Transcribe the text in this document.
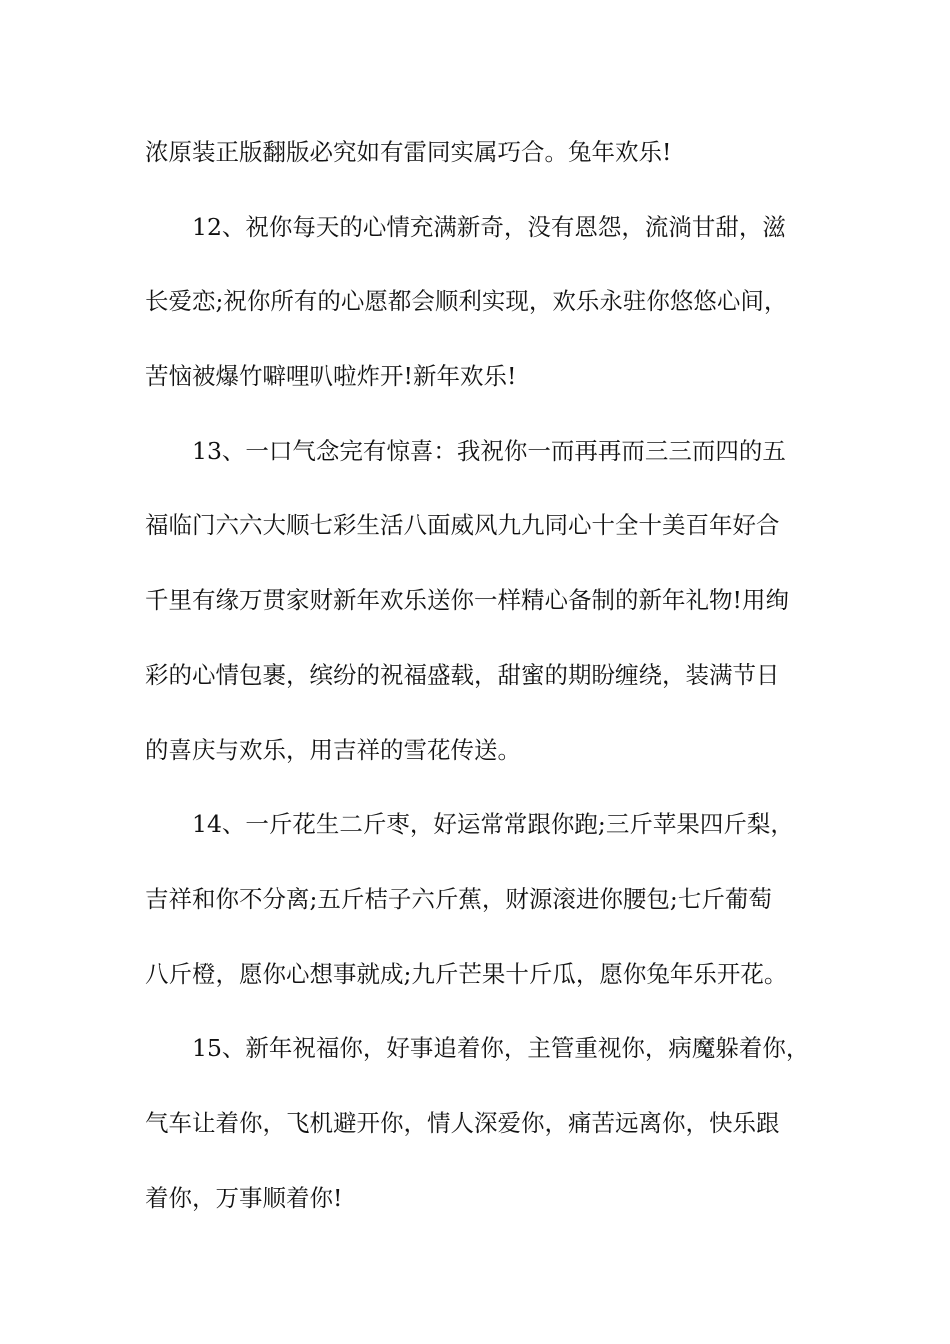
浓原装正版翻版必究如有雷同实属巧合。兔年欢乐!
12、祝你每天的心情充满新奇，没有恩怨，流淌甘甜，滋
长爱恋;祝你所有的心愿都会顺利实现，欢乐永驻你悠悠心间，
苦恼被爆竹噼哩叭啦炸开!新年欢乐!
13、一口气念完有惊喜：我祝你一而再再而三三而四的五
福临门六六大顺七彩生活八面威风九九同心十全十美百年好合
千里有缘万贯家财新年欢乐送你一样精心备制的新年礼物!用绚
彩的心情包裹，缤纷的祝福盛载，甜蜜的期盼缠绕，装满节日
的喜庆与欢乐，用吉祥的雪花传送。
14、一斤花生二斤枣，好运常常跟你跑;三斤苹果四斤梨，
吉祥和你不分离;五斤桔子六斤蕉，财源滚进你腰包;七斤葡萄
八斤橙，愿你心想事就成;九斤芒果十斤瓜，愿你兔年乐开花。
15、新年祝福你，好事追着你，主管重视你，病魔躲着你，
气车让着你，飞机避开你，情人深爱你，痛苦远离你，快乐跟
着你，万事顺着你!
